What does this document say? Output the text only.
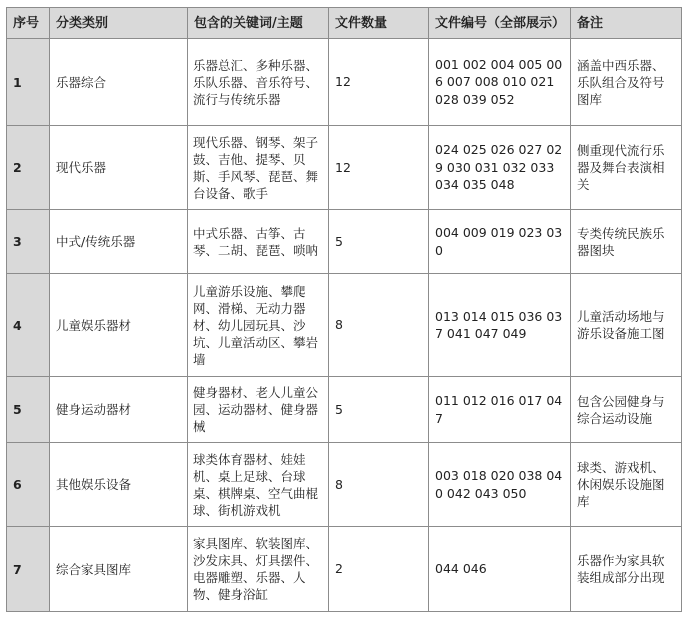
序号	分类类别	包含的关键词/主题	文件数量	文件编号（全部展示）	备注
1	乐器综合	乐器总汇、多种乐器、乐队乐器、音乐符号、流行与传统乐器	12	001 002 004 005 006 007 008 010 021 028 039 052	涵盖中西乐器、乐队组合及符号图库
2	现代乐器	现代乐器、钢琴、架子鼓、吉他、提琴、贝斯、手风琴、琵琶、舞台设备、歌手	12	024 025 026 027 029 030 031 032 033 034 035 048	侧重现代流行乐器及舞台表演相关
3	中式/传统乐器	中式乐器、古筝、古琴、二胡、琵琶、唢呐	5	004 009 019 023 030	专类传统民族乐器图块
4	儿童娱乐器材	儿童游乐设施、攀爬网、滑梯、无动力器材、幼儿园玩具、沙坑、儿童活动区、攀岩墙	8	013 014 015 036 037 041 047 049	儿童活动场地与游乐设备施工图
5	健身运动器材	健身器材、老人儿童公园、运动器材、健身器械	5	011 012 016 017 047	包含公园健身与综合运动设施
6	其他娱乐设备	球类体育器材、娃娃机、桌上足球、台球桌、棋牌桌、空气曲棍球、街机游戏机	8	003 018 020 038 040 042 043 050	球类、游戏机、休闲娱乐设施图库
7	综合家具图库	家具图库、软装图库、沙发床具、灯具摆件、电器雕塑、乐器、人物、健身浴缸	2	044 046	乐器作为家具软装组成部分出现
